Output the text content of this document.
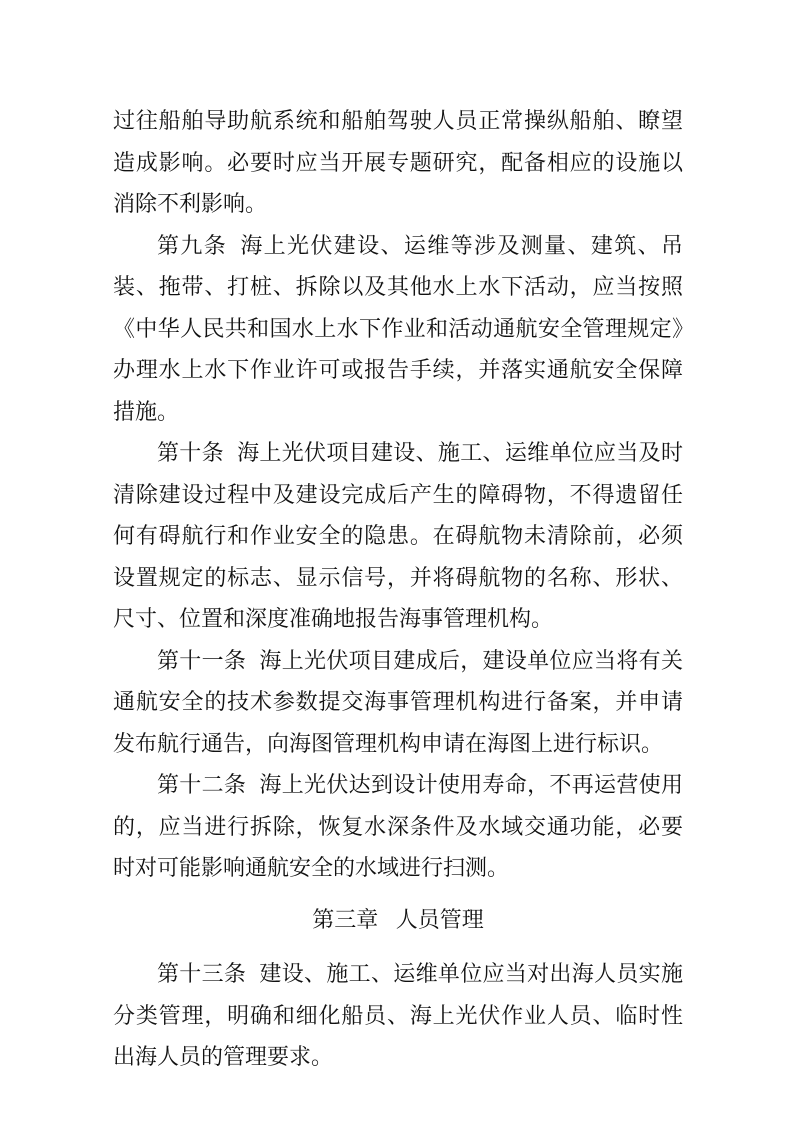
过往船舶导助航系统和船舶驾驶人员正常操纵船舶、瞭望造成影响。必要时应当开展专题研究，配备相应的设施以消除不利影响。

第九条 海上光伏建设、运维等涉及测量、建筑、吊装、拖带、打桩、拆除以及其他水上水下活动，应当按照《中华人民共和国水上水下作业和活动通航安全管理规定》办理水上水下作业许可或报告手续，并落实通航安全保障措施。

第十条 海上光伏项目建设、施工、运维单位应当及时清除建设过程中及建设完成后产生的障碍物，不得遗留任何有碍航行和作业安全的隐患。在碍航物未清除前，必须设置规定的标志、显示信号，并将碍航物的名称、形状、尺寸、位置和深度准确地报告海事管理机构。

第十一条 海上光伏项目建成后，建设单位应当将有关通航安全的技术参数提交海事管理机构进行备案，并申请发布航行通告，向海图管理机构申请在海图上进行标识。

第十二条 海上光伏达到设计使用寿命，不再运营使用的，应当进行拆除，恢复水深条件及水域交通功能，必要时对可能影响通航安全的水域进行扫测。

第三章 人员管理

第十三条 建设、施工、运维单位应当对出海人员实施分类管理，明确和细化船员、海上光伏作业人员、临时性出海人员的管理要求。
